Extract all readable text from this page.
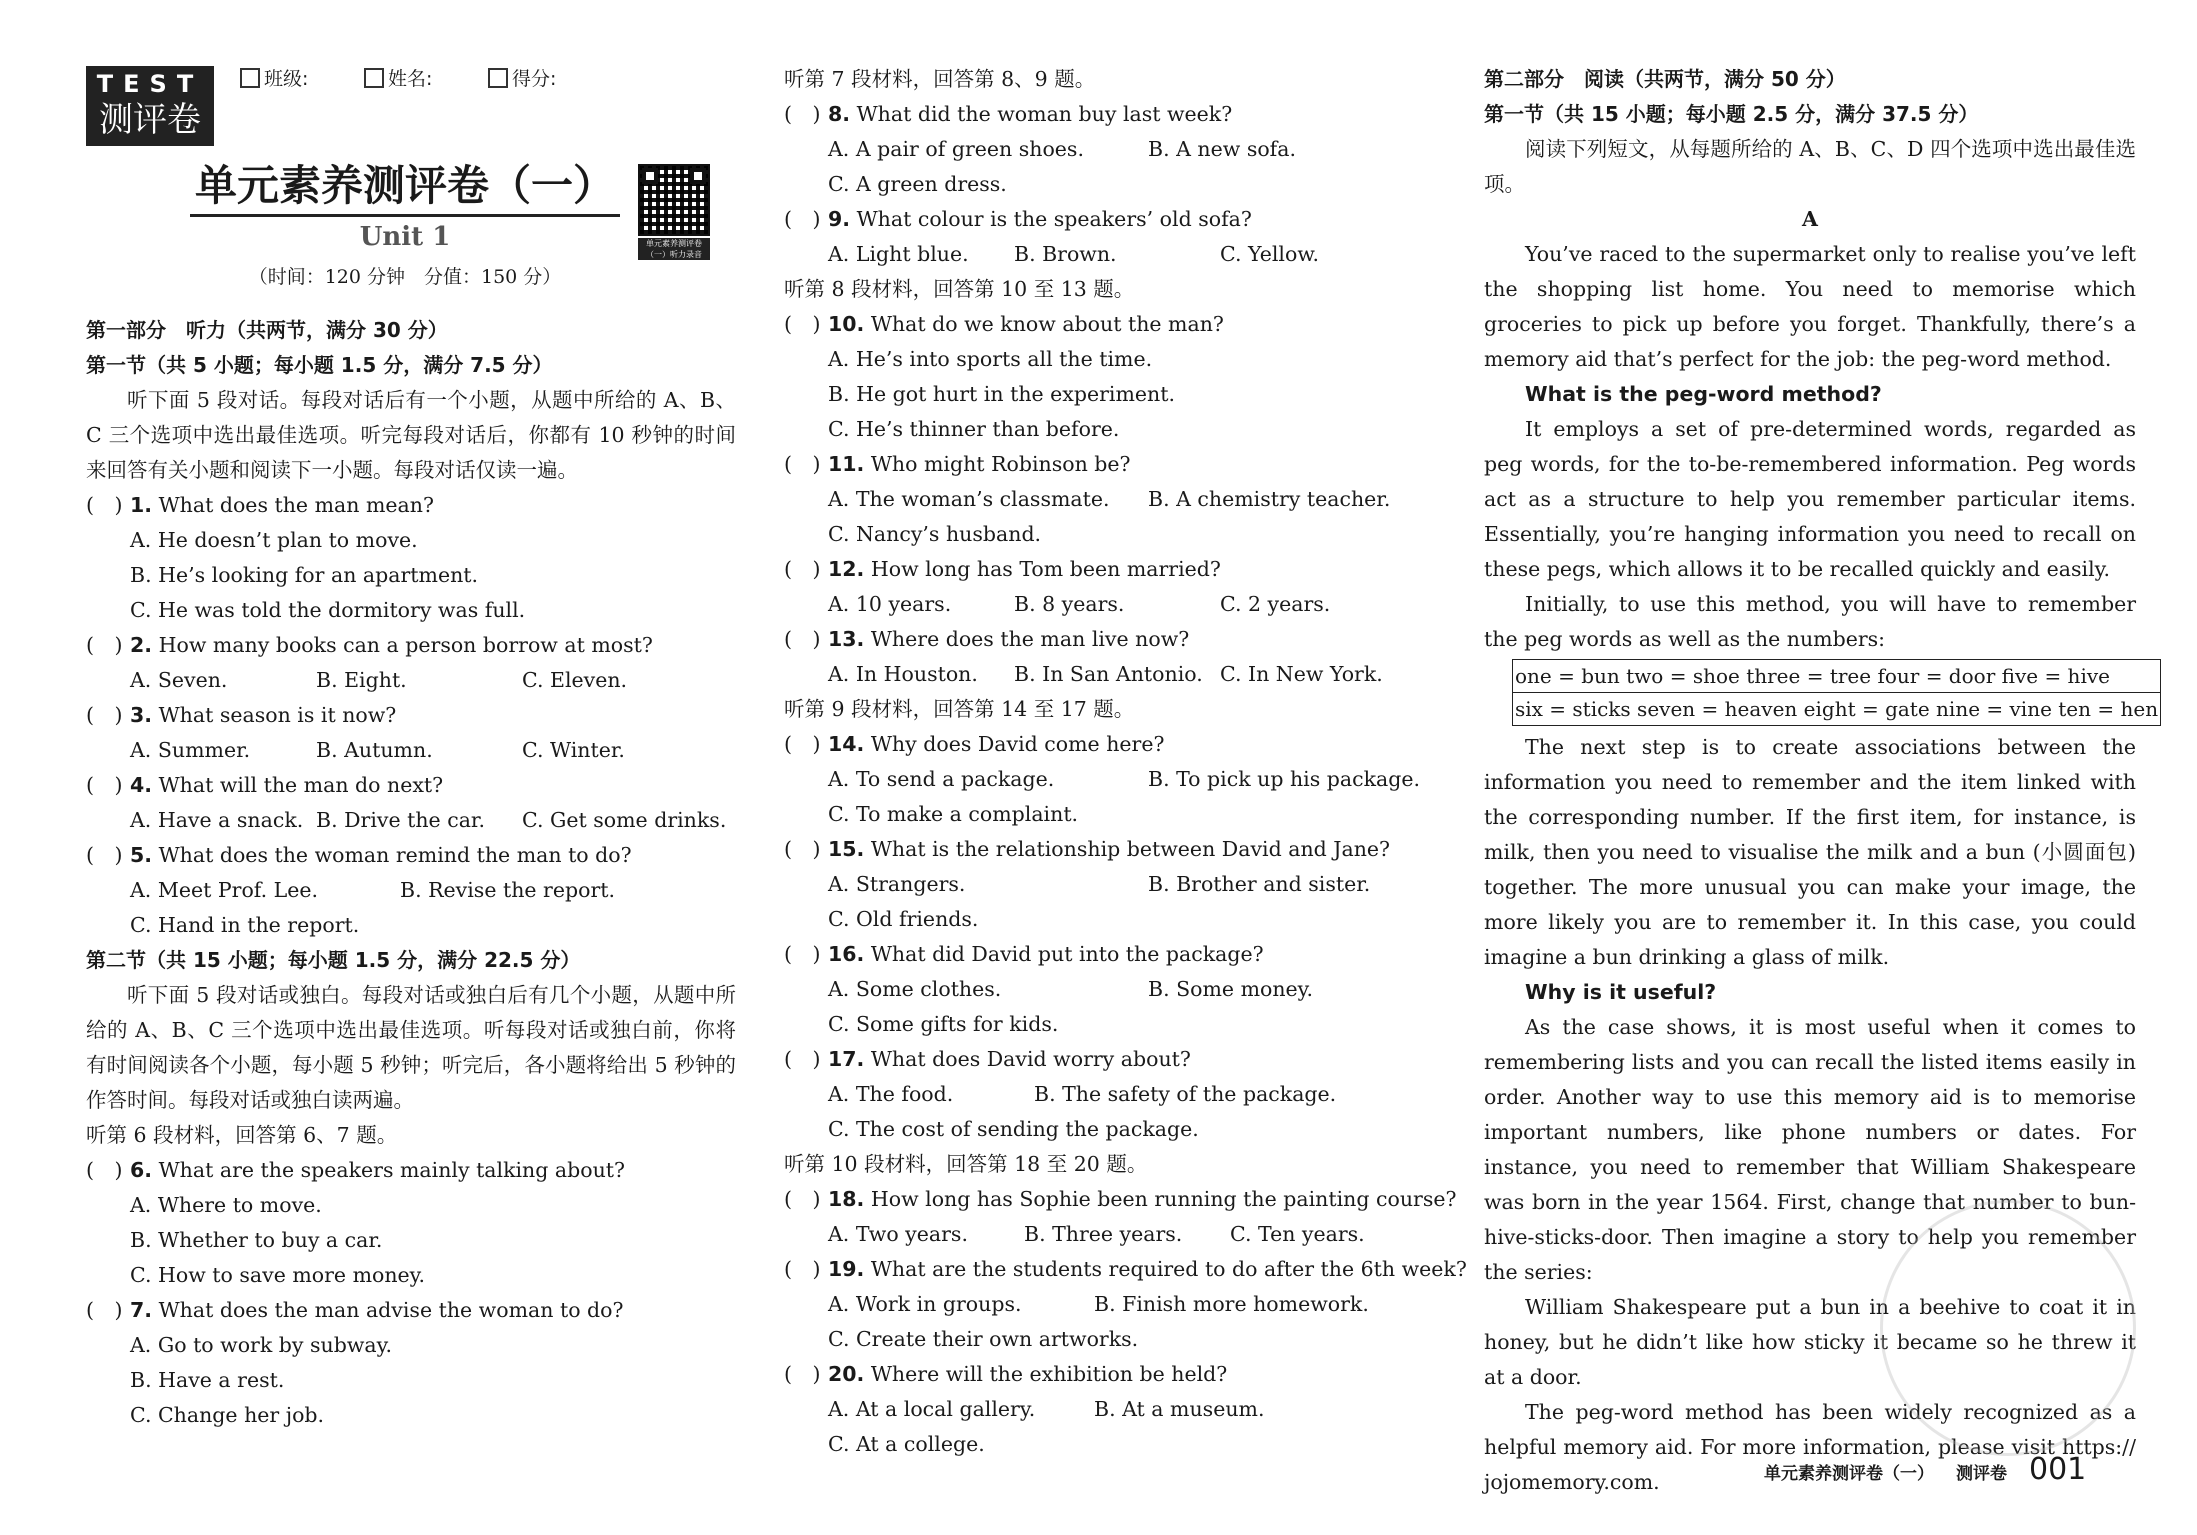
TEST
测评卷
班级:	姓名:	得分:
单元素养测评卷（一）
Unit 1
（时间：120 分钟　分值：150 分）
单元素养测评卷（一）听力录音
第一部分　听力（共两节，满分 30 分）
第一节（共 5 小题；每小题 1.5 分，满分 7.5 分）

听下面 5 段对话。每段对话后有一个小题，从题中所给的 A、B、C 三个选项中选出最佳选项。听完每段对话后，你都有 10 秒钟的时间来回答有关小题和阅读下一小题。每段对话仅读一遍。

(　) 1. What does the man mean?
A. He doesn’t plan to move.
B. He’s looking for an apartment.
C. He was told the dormitory was full.
(　) 2. How many books can a person borrow at most?
A. Seven.	B. Eight.	C. Eleven.
(　) 3. What season is it now?
A. Summer.	B. Autumn.	C. Winter.
(　) 4. What will the man do next?
A. Have a snack. B. Drive the car.	C. Get some drinks.
(　) 5. What does the woman remind the man to do?
A. Meet Prof. Lee.	B. Revise the report.
C. Hand in the report.
第二节（共 15 小题；每小题 1.5 分，满分 22.5 分）

听下面 5 段对话或独白。每段对话或独白后有几个小题，从题中所给的 A、B、C 三个选项中选出最佳选项。听每段对话或独白前，你将有时间阅读各个小题，每小题 5 秒钟；听完后，各小题将给出 5 秒钟的作答时间。每段对话或独白读两遍。

听第 6 段材料，回答第 6、7 题。
(　) 6. What are the speakers mainly talking about?
A. Where to move.
B. Whether to buy a car.
C. How to save more money.
(　) 7. What does the man advise the woman to do?
A. Go to work by subway.
B. Have a rest.
C. Change her job.
听第 7 段材料，回答第 8、9 题。
(　) 8. What did the woman buy last week?
A. A pair of green shoes.	B. A new sofa.
C. A green dress.
(　) 9. What colour is the speakers’ old sofa?
A. Light blue.	B. Brown.	C. Yellow.
听第 8 段材料，回答第 10 至 13 题。
(　) 10. What do we know about the man?
A. He’s into sports all the time.
B. He got hurt in the experiment.
C. He’s thinner than before.
(　) 11. Who might Robinson be?
A. The woman’s classmate.	B. A chemistry teacher.
C. Nancy’s husband.
(　) 12. How long has Tom been married?
A. 10 years.	B. 8 years.	C. 2 years.
(　) 13. Where does the man live now?
A. In Houston.	B. In San Antonio. C. In New York.
听第 9 段材料，回答第 14 至 17 题。
(　) 14. Why does David come here?
A. To send a package.	B. To pick up his package.
C. To make a complaint.
(　) 15. What is the relationship between David and Jane?
A. Strangers.	B. Brother and sister.
C. Old friends.
(　) 16. What did David put into the package?
A. Some clothes.	B. Some money.
C. Some gifts for kids.
(　) 17. What does David worry about?
A. The food.	B. The safety of the package.
C. The cost of sending the package.
听第 10 段材料，回答第 18 至 20 题。
(　) 18. How long has Sophie been running the painting course?
A. Two years.	B. Three years.	C. Ten years.
(　) 19. What are the students required to do after the 6th week?
A. Work in groups.	B. Finish more homework.
C. Create their own artworks.
(　) 20. Where will the exhibition be held?
A. At a local gallery.	B. At a museum.
C. At a college.
第二部分　阅读（共两节，满分 50 分）
第一节（共 15 小题；每小题 2.5 分，满分 37.5 分）

阅读下列短文，从每题所给的 A、B、C、D 四个选项中选出最佳选项。

A

You’ve raced to the supermarket only to realise you’ve left the shopping list home. You need to memorise which groceries to pick up before you forget. Thankfully, there’s a memory aid that’s perfect for the job: the peg-word method.

What is the peg-word method?

It employs a set of pre-determined words, regarded as peg words, for the to-be-remembered information. Peg words act as a structure to help you remember particular items. Essentially, you’re hanging information you need to recall on these pegs, which allows it to be recalled quickly and easily.

Initially, to use this method, you will have to remember the peg words as well as the numbers:

one = bun two = shoe three = tree four = door five = hive
six = sticks seven = heaven eight = gate nine = vine ten = hen

The next step is to create associations between the information you need to remember and the item linked with the corresponding number. If the first item, for instance, is milk, then you need to visualise the milk and a bun (小圆面包) together. The more unusual you can make your image, the more likely you are to remember it. In this case, you could imagine a bun drinking a glass of milk.

Why is it useful?

As the case shows, it is most useful when it comes to remembering lists and you can recall the listed items easily in order. Another way to use this memory aid is to memorise important numbers, like phone numbers or dates. For instance, you need to remember that William Shakespeare was born in the year 1564. First, change that number to bun-hive-sticks-door. Then imagine a story to help you remember the series:

William Shakespeare put a bun in a beehive to coat it in honey, but he didn’t like how sticky it became so he threw it at a door.

The peg-word method has been widely recognized as a helpful memory aid. For more information, please visit https:// jojomemory.com.	单元素养测评卷（一） 测评卷 001
